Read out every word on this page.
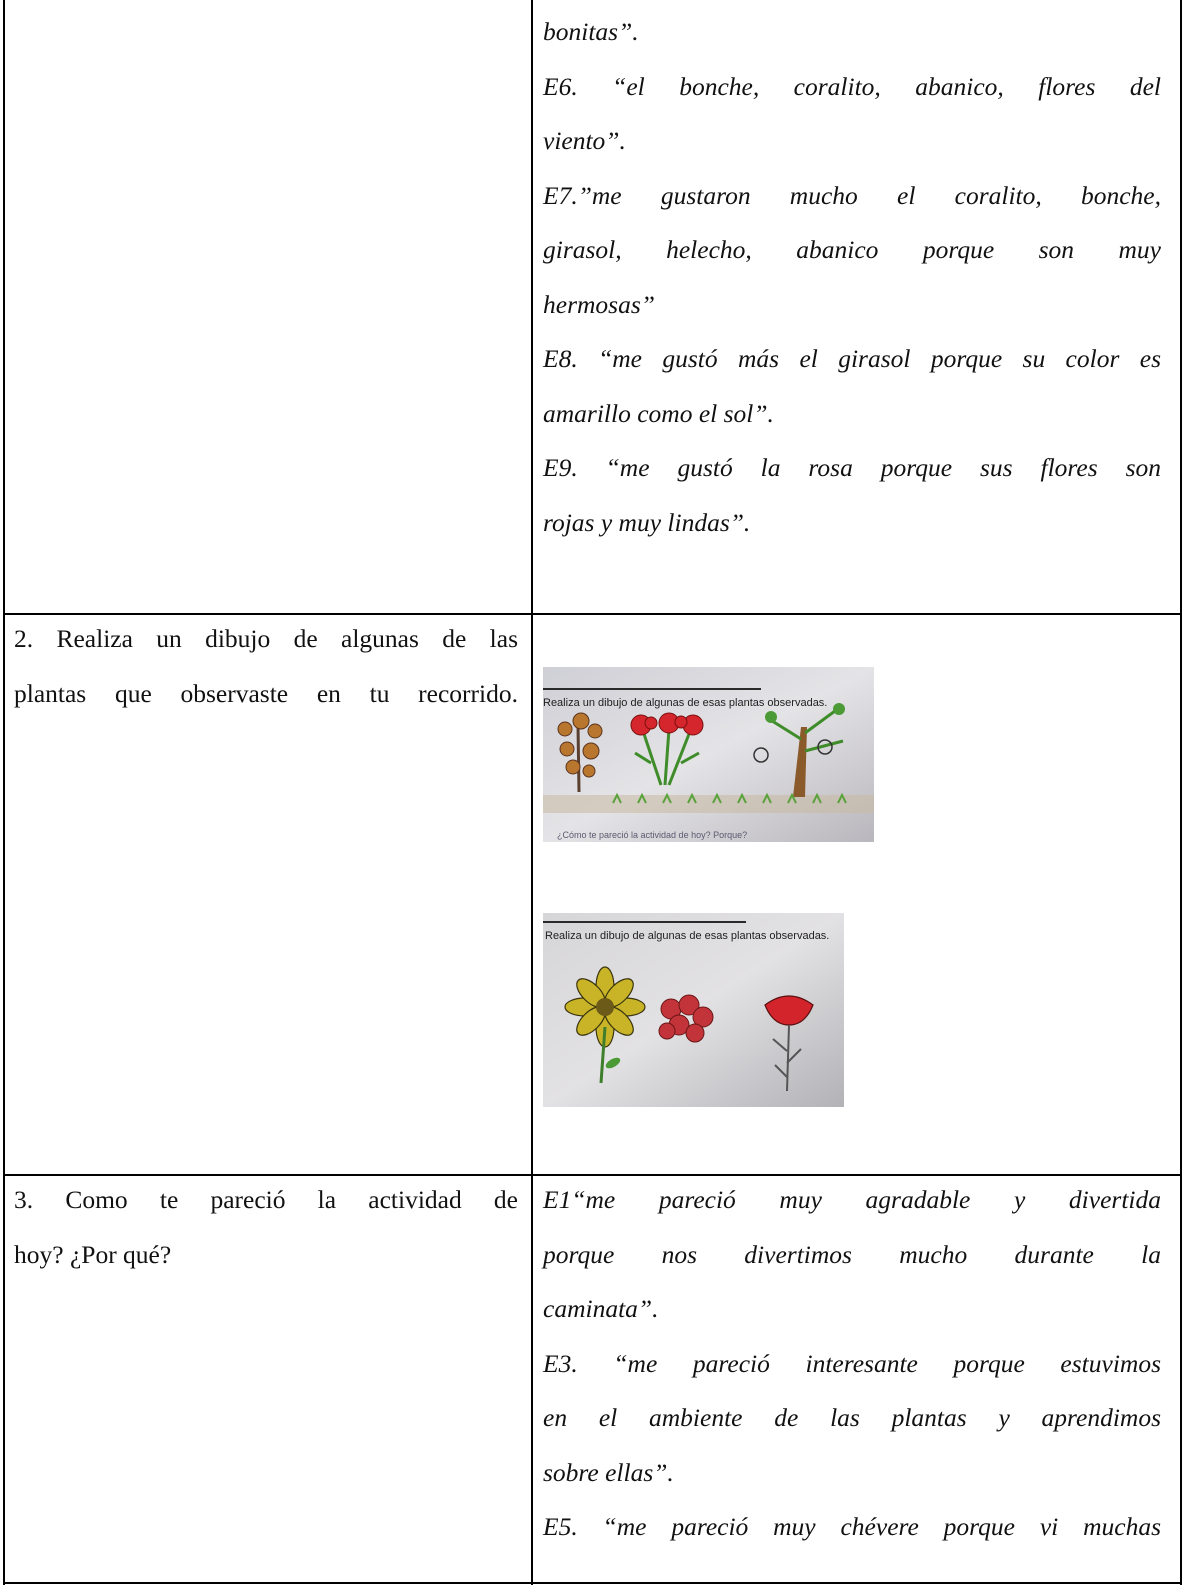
bonitas”.
E6. “el bonche, coralito, abanico, flores del
viento”.
E7.”me gustaron mucho el coralito, bonche,
girasol, helecho, abanico porque son muy
hermosas”
E8. “me gustó más el girasol porque su color es
amarillo como el sol”.
E9. “me gustó la rosa porque sus flores son
rojas y muy lindas”.
2. Realiza un dibujo de algunas de las
plantas que observaste en tu recorrido. Realiza un dibujo de algunas de esas plantas observadas.
¿Cómo te pareció la actividad de hoy? Porque?
Realiza un dibujo de algunas de esas plantas observadas.
3. Como te pareció la actividad de
hoy? ¿Por qué?
E1“me pareció muy agradable y divertida
porque nos divertimos mucho durante la
caminata”.
E3. “me pareció interesante porque estuvimos
en el ambiente de las plantas y aprendimos
sobre ellas”.
E5. “me pareció muy chévere porque vi muchas
